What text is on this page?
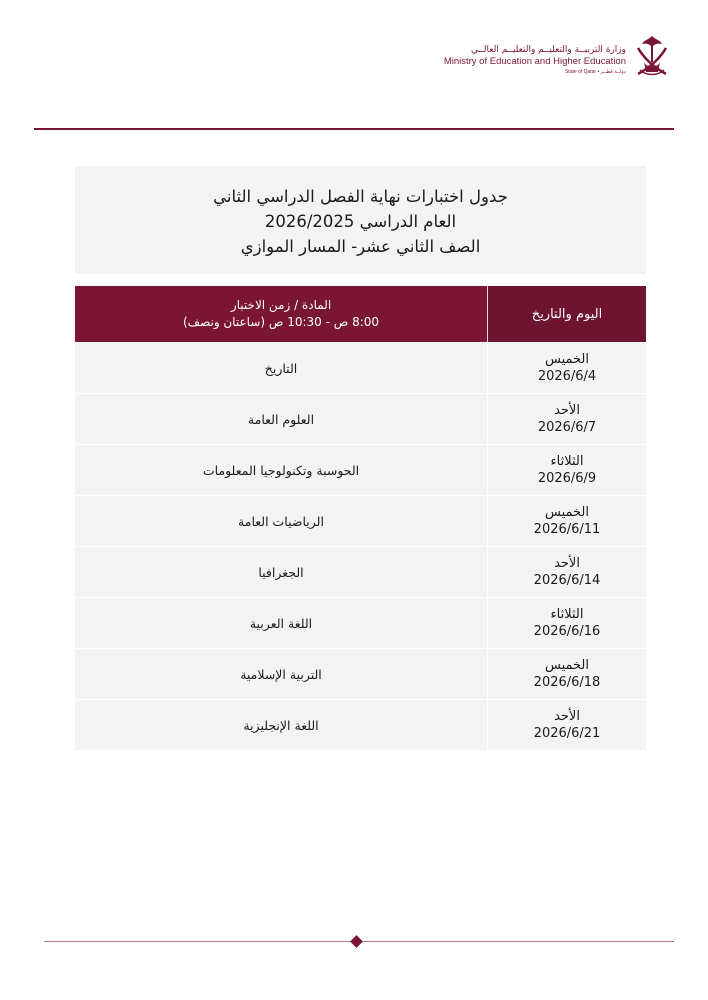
وزارة التربيــة والتعليــم والتعليــم العالــي
Ministry of Education and Higher Education
State of Qatar • دولــة قطــر
جدول اختبارات نهاية الفصل الدراسي الثاني
العام الدراسي 2026/2025
الصف الثاني عشر- المسار الموازي
اليوم والتاريخ
المادة / زمن الاختبار
8:00 ص - 10:30 ص (ساعتان ونصف)
الخميس
2026/6/4
التاريخ
الأحد
2026/6/7
العلوم العامة
الثلاثاء
2026/6/9
الحوسبة وتكنولوجيا المعلومات
الخميس
2026/6/11
الرياضيات العامة
الأحد
2026/6/14
الجغرافيا
الثلاثاء
2026/6/16
اللغة العربية
الخميس
2026/6/18
التربية الإسلامية
الأحد
2026/6/21
اللغة الإنجليزية
